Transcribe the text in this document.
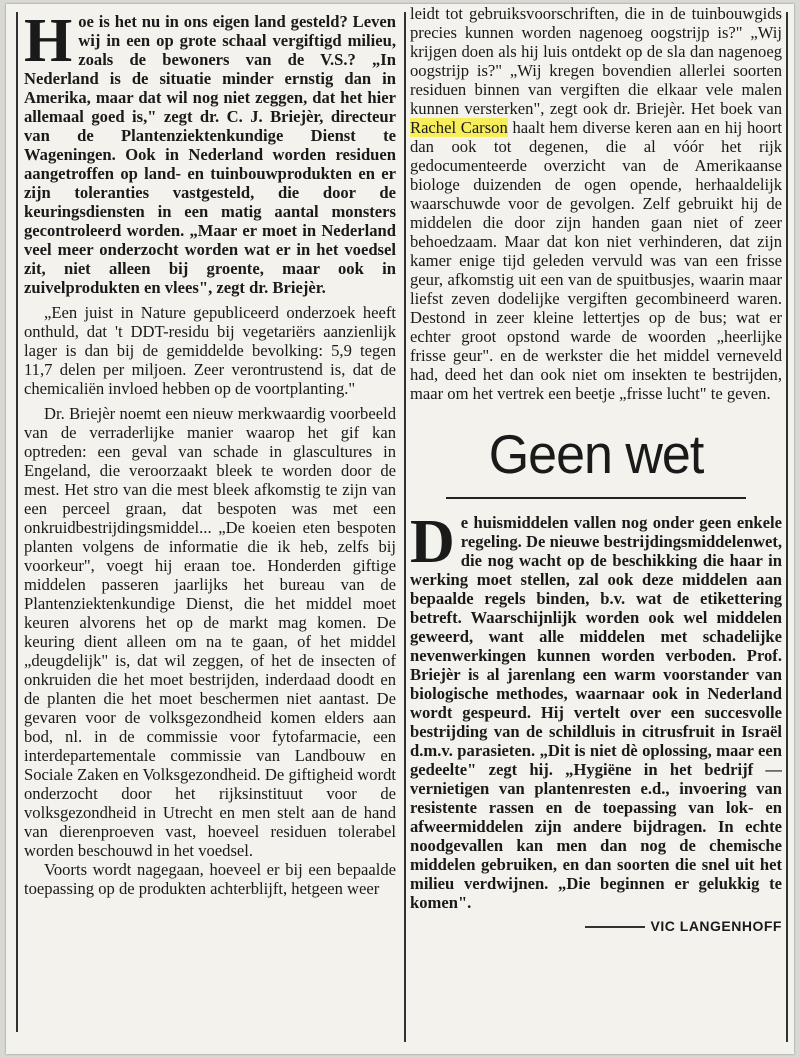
Hoe is het nu in ons eigen land gesteld? Leven wij in een op grote schaal vergiftigd milieu, zoals de bewoners van de V.S.? „In Nederland is de situatie minder ernstig dan in Amerika, maar dat wil nog niet zeggen, dat het hier allemaal goed is," zegt dr. C. J. Briejèr, directeur van de Plantenziektenkundige Dienst te Wageningen. Ook in Nederland worden residuen aangetroffen op land- en tuinbouwprodukten en er zijn toleranties vastgesteld, die door de keuringsdiensten in een matig aantal monsters gecontroleerd worden. „Maar er moet in Nederland veel meer onderzocht worden wat er in het voedsel zit, niet alleen bij groente, maar ook in zuivelprodukten en vlees", zegt dr. Briejèr.

„Een juist in Nature gepubliceerd onderzoek heeft onthuld, dat 't DDT-residu bij vegetariërs aanzienlijk lager is dan bij de gemiddelde bevolking: 5,9 tegen 11,7 delen per miljoen. Zeer verontrustend is, dat de chemicaliën invloed hebben op de voortplanting."

Dr. Briejèr noemt een nieuw merkwaardig voorbeeld van de verraderlijke manier waarop het gif kan optreden: een geval van schade in glascultures in Engeland, die veroorzaakt bleek te worden door de mest. Het stro van die mest bleek afkomstig te zijn van een perceel graan, dat bespoten was met een onkruidbestrijdingsmiddel... „De koeien eten bespoten planten volgens de informatie die ik heb, zelfs bij voorkeur", voegt hij eraan toe. Honderden giftige middelen passeren jaarlijks het bureau van de Plantenziektenkundige Dienst, die het middel moet keuren alvorens het op de markt mag komen. De keuring dient alleen om na te gaan, of het middel „deugdelijk" is, dat wil zeggen, of het de insecten of onkruiden die het moet bestrijden, inderdaad doodt en de planten die het moet beschermen niet aantast. De gevaren voor de volksgezondheid komen elders aan bod, nl. in de commissie voor fytofarmacie, een interdepartementale commissie van Landbouw en Sociale Zaken en Volksgezondheid. De giftigheid wordt onderzocht door het rijksinstituut voor de volksgezondheid in Utrecht en men stelt aan de hand van dierenproeven vast, hoeveel residuen tolerabel worden beschouwd in het voedsel.

Voorts wordt nagegaan, hoeveel er bij een bepaalde toepassing op de produkten achterblijft, hetgeen weer

leidt tot gebruiksvoorschriften, die in de tuinbouwgids precies kunnen worden nagenoeg oogstrijp is?" „Wij krijgen doen als hij luis ontdekt op de sla dan nagenoeg oogstrijp is?" „Wij kregen bovendien allerlei soorten residuen binnen van vergiften die elkaar vele malen kunnen versterken", zegt ook dr. Briejèr. Het boek van Rachel Carson haalt hem diverse keren aan en hij hoort dan ook tot degenen, die al vóór het rijk gedocumenteerde overzicht van de Amerikaanse biologe duizenden de ogen opende, herhaaldelijk waarschuwde voor de gevolgen. Zelf gebruikt hij de middelen die door zijn handen gaan niet of zeer behoedzaam. Maar dat kon niet verhinderen, dat zijn kamer enige tijd geleden vervuld was van een frisse geur, afkomstig uit een van de spuitbusjes, waarin maar liefst zeven dodelijke vergiften gecombineerd waren. Destond in zeer kleine lettertjes op de bus; wat er echter groot opstond warde de woorden „heerlijke frisse geur". en de werkster die het middel verneveld had, deed het dan ook niet om insekten te bestrijden, maar om het vertrek een beetje „frisse lucht" te geven.

Geen wet

De huismiddelen vallen nog onder geen enkele regeling. De nieuwe bestrijdingsmiddelenwet, die nog wacht op de beschikking die haar in werking moet stellen, zal ook deze middelen aan bepaalde regels binden, b.v. wat de etikettering betreft. Waarschijnlijk worden ook wel middelen geweerd, want alle middelen met schadelijke nevenwerkingen kunnen worden verboden. Prof. Briejèr is al jarenlang een warm voorstander van biologische methodes, waarnaar ook in Nederland wordt gespeurd. Hij vertelt over een succesvolle bestrijding van de schildluis in citrusfruit in Israël d.m.v. parasieten. „Dit is niet dè oplossing, maar een gedeelte" zegt hij. „Hygiëne in het bedrijf — vernietigen van plantenresten e.d., invoering van resistente rassen en de toepassing van lok- en afweermiddelen zijn andere bijdragen. In echte noodgevallen kan men dan nog de chemische middelen gebruiken, en dan soorten die snel uit het milieu verdwijnen. „Die beginnen er gelukkig te komen".

VIC LANGENHOFF
